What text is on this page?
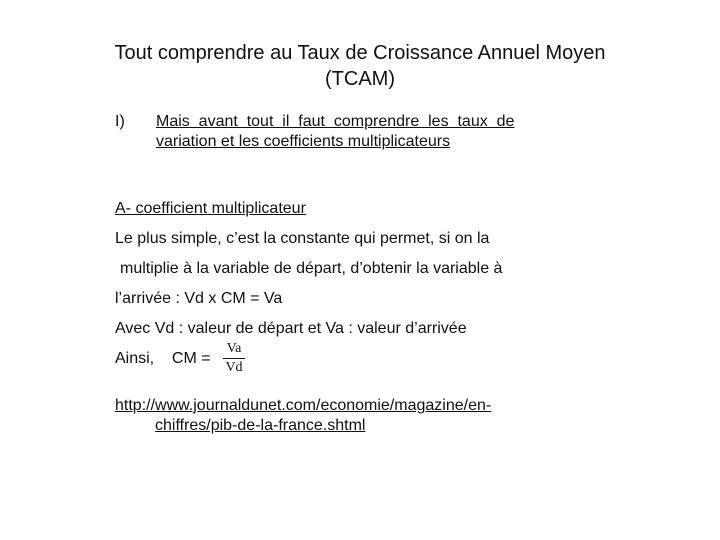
Tout comprendre au Taux de Croissance Annuel Moyen
(TCAM)
I) Mais  avant  tout  il  faut  comprendre  les  taux  de
variation et les coefficients multiplicateurs
A- coefficient multiplicateur
Le plus simple, c’est la constante qui permet, si on la
multiplie à la variable de départ, d’obtenir la variable à
l’arrivée : Vd x CM = Va
Avec Vd : valeur de départ et Va : valeur d’arrivée
Ainsi,    CM = $\frac{Va}{Vd}$
http://www.journaldunet.com/economie/magazine/en-
chiffres/pib-de-la-france.shtml
